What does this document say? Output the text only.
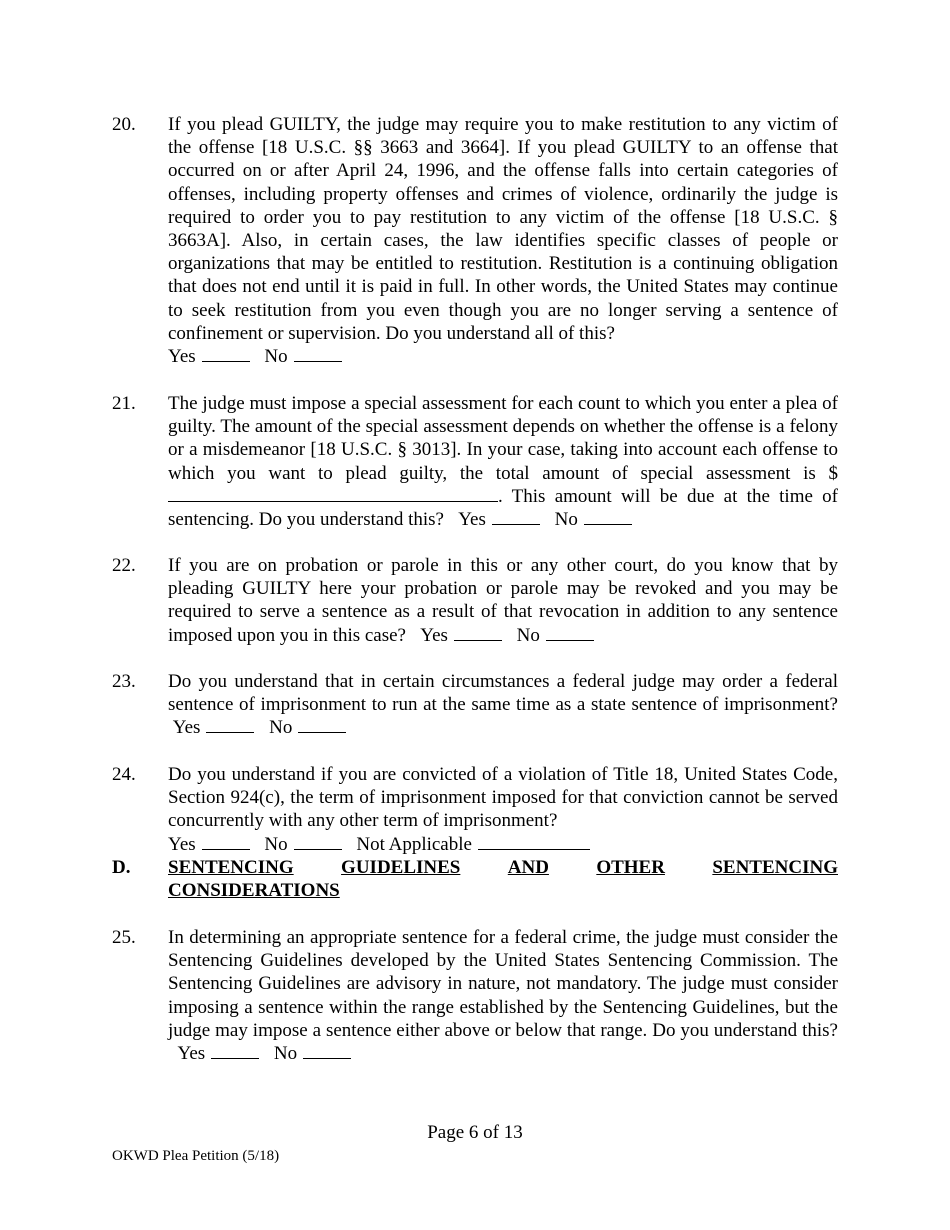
20. If you plead GUILTY, the judge may require you to make restitution to any victim of the offense [18 U.S.C. §§ 3663 and 3664]. If you plead GUILTY to an offense that occurred on or after April 24, 1996, and the offense falls into certain categories of offenses, including property offenses and crimes of violence, ordinarily the judge is required to order you to pay restitution to any victim of the offense [18 U.S.C. § 3663A]. Also, in certain cases, the law identifies specific classes of people or organizations that may be entitled to restitution. Restitution is a continuing obligation that does not end until it is paid in full. In other words, the United States may continue to seek restitution from you even though you are no longer serving a sentence of confinement or supervision. Do you understand all of this?
Yes	No
21. The judge must impose a special assessment for each count to which you enter a plea of guilty. The amount of the special assessment depends on whether the offense is a felony or a misdemeanor [18 U.S.C. § 3013]. In your case, taking into account each offense to which you want to plead guilty, the total amount of special assessment is $. This amount will be due at the time of sentencing. Do you understand this? Yes	No
22. If you are on probation or parole in this or any other court, do you know that by pleading GUILTY here your probation or parole may be revoked and you may be required to serve a sentence as a result of that revocation in addition to any sentence imposed upon you in this case? Yes	No
23. Do you understand that in certain circumstances a federal judge may order a federal sentence of imprisonment to run at the same time as a state sentence of imprisonment?  Yes	No
24. Do you understand if you are convicted of a violation of Title 18, United States Code, Section 924(c), the term of imprisonment imposed for that conviction cannot be served concurrently with any other term of imprisonment?
Yes	No	Not Applicable
D. SENTENCING GUIDELINES AND OTHER SENTENCING
CONSIDERATIONS
25. In determining an appropriate sentence for a federal crime, the judge must consider the Sentencing Guidelines developed by the United States Sentencing Commission. The Sentencing Guidelines are advisory in nature, not mandatory. The judge must consider imposing a sentence within the range established by the Sentencing Guidelines, but the judge may impose a sentence either above or below that range. Do you understand this?   Yes	No
Page 6 of 13
OKWD Plea Petition (5/18)
